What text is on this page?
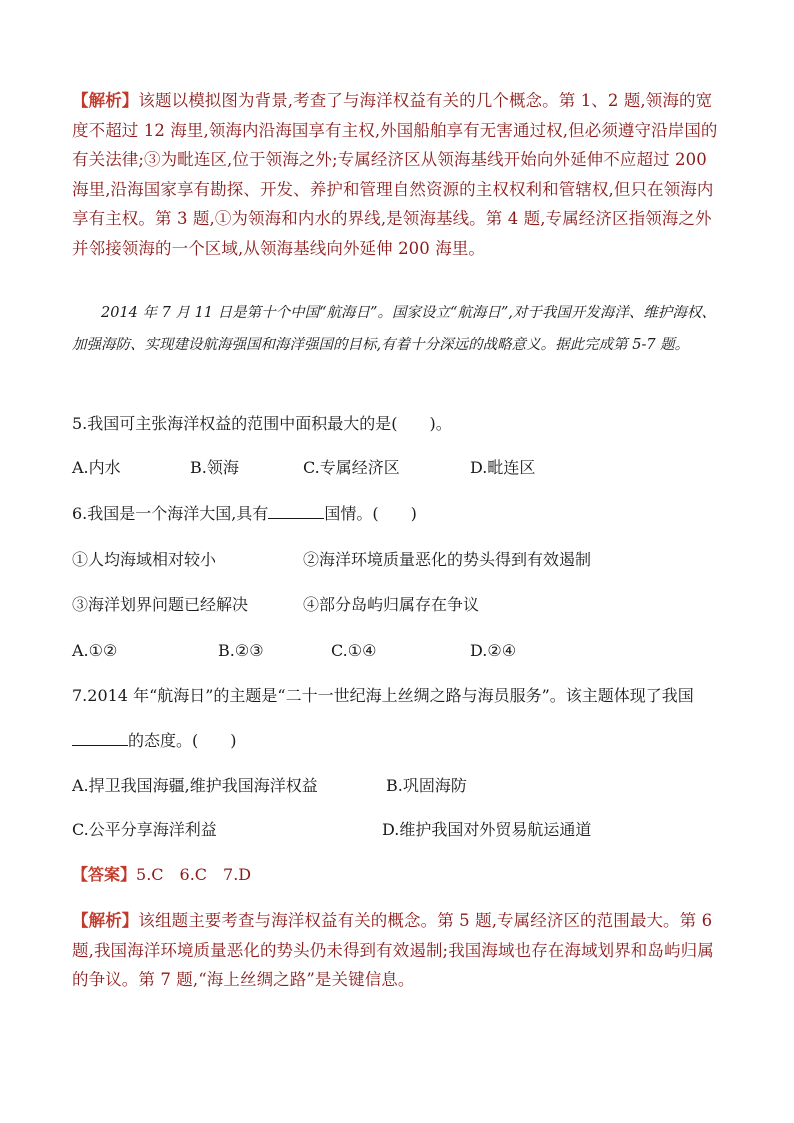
【解析】该题以模拟图为背景,考查了与海洋权益有关的几个概念。第 1、2 题,领海的宽度不超过 12 海里,领海内沿海国享有主权,外国船舶享有无害通过权,但必须遵守沿岸国的有关法律;③为毗连区,位于领海之外;专属经济区从领海基线开始向外延伸不应超过 200 海里,沿海国家享有勘探、开发、养护和管理自然资源的主权权利和管辖权,但只在领海内享有主权。第 3 题,①为领海和内水的界线,是领海基线。第 4 题,专属经济区指领海之外并邻接领海的一个区域,从领海基线向外延伸 200 海里。

2014 年 7 月 11 日是第十个中国“航海日”。国家设立“航海日”,对于我国开发海洋、维护海权、加强海防、实现建设航海强国和海洋强国的目标,有着十分深远的战略意义。据此完成第 5-7 题。

5.我国可主张海洋权益的范围中面积最大的是(　　)。
A.内水	B.领海	C.专属经济区	D.毗连区
6.我国是一个海洋大国,具有	国情。(　　)
①人均海域相对较小	②海洋环境质量恶化的势头得到有效遏制
③海洋划界问题已经解决	④部分岛屿归属存在争议
A.①②	B.②③	C.①④	D.②④
7.2014 年“航海日”的主题是“二十一世纪海上丝绸之路与海员服务”。该主题体现了我国
的态度。(　　)
A.捍卫我国海疆,维护我国海洋权益	B.巩固海防
C.公平分享海洋利益	D.维护我国对外贸易航运通道
【答案】5.C　6.C　7.D

【解析】该组题主要考查与海洋权益有关的概念。第 5 题,专属经济区的范围最大。第 6 题,我国海洋环境质量恶化的势头仍未得到有效遏制;我国海域也存在海域划界和岛屿归属的争议。第 7 题,“海上丝绸之路”是关键信息。
